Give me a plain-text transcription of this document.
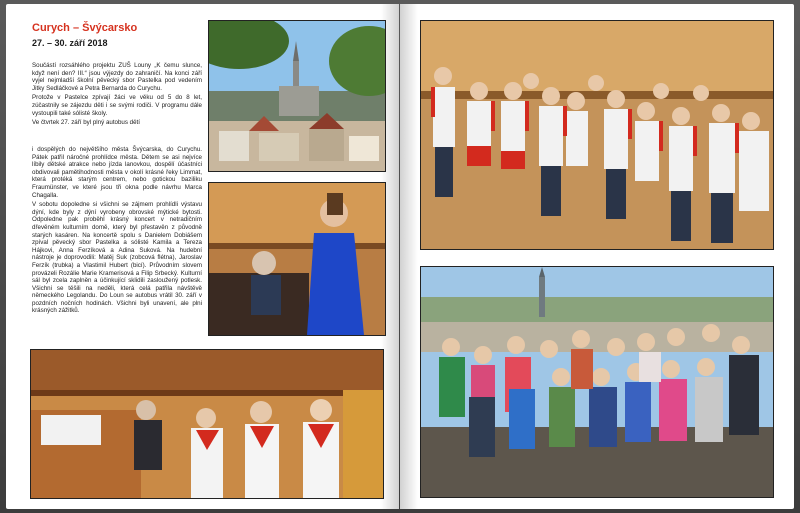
Curych – Švýcarsko
27. – 30. září 2018

Součástí rozsáhlého projektu ZUŠ Louny „K čemu slunce, když není den? III.“ jsou výjezdy do zahraničí. Na konci září vyjel nejmladší školní pěvecký sbor Pastelka pod vedením Jitky Sedláčkové a Petra Bernarda do Curychu.

Protože v Pastelce zpívají žáci ve věku od 5 do 8 let, zúčastnily se zájezdu děti i se svými rodiči. V programu dále vystoupili také sólisté školy.

Ve čtvrtek 27. září byl plný autobus dětí

i dospělých do největšího města Švýcarska, do Curychu. Pátek patřil náročné prohlídce města. Dětem se asi nejvíce líbily dětské atrakce nebo jízda lanovkou, dospělí účastníci obdivovali pamětihodnosti města v okolí krásné řeky Limmat, která protéká starým centrem, nebo gotickou baziliku Fraumünster, ve které jsou tři okna podle návrhu Marca Chagalla.

V sobotu dopoledne si všichni se zájmem prohlídli výstavu dýní, kde byly z dýní vyrobeny obrovské mýtické bytosti. Odpoledne pak proběhl krásný koncert v netradičním dřevěném kulturním domě, který byl přestavěn z původně starých kasáren. Na koncertě spolu s Danielem Dobiášem zpíval pěvecký sbor Pastelka a sólisté Kamila a Tereza Hájkovi, Anna Ferzíková a Adina Suková. Na hudební nástroje je doprovodili: Matěj Suk (zobcová flétna), Jaroslav Ferzík (trubka) a Vlastimil Hubert (bicí). Průvodním slovem provázeli Rozálie Marie Kramerisová a Filip Srbecký. Kulturní sál byl zcela zaplněn a účinkující sklidili zasloužený potlesk. Všichni se těšili na neděli, která celá patřila návštěvě německého Legolandu. Do Loun se autobus vrátil 30. září v pozdních nočních hodinách. Všichni byli unavení, ale plni krásných zážitků.
